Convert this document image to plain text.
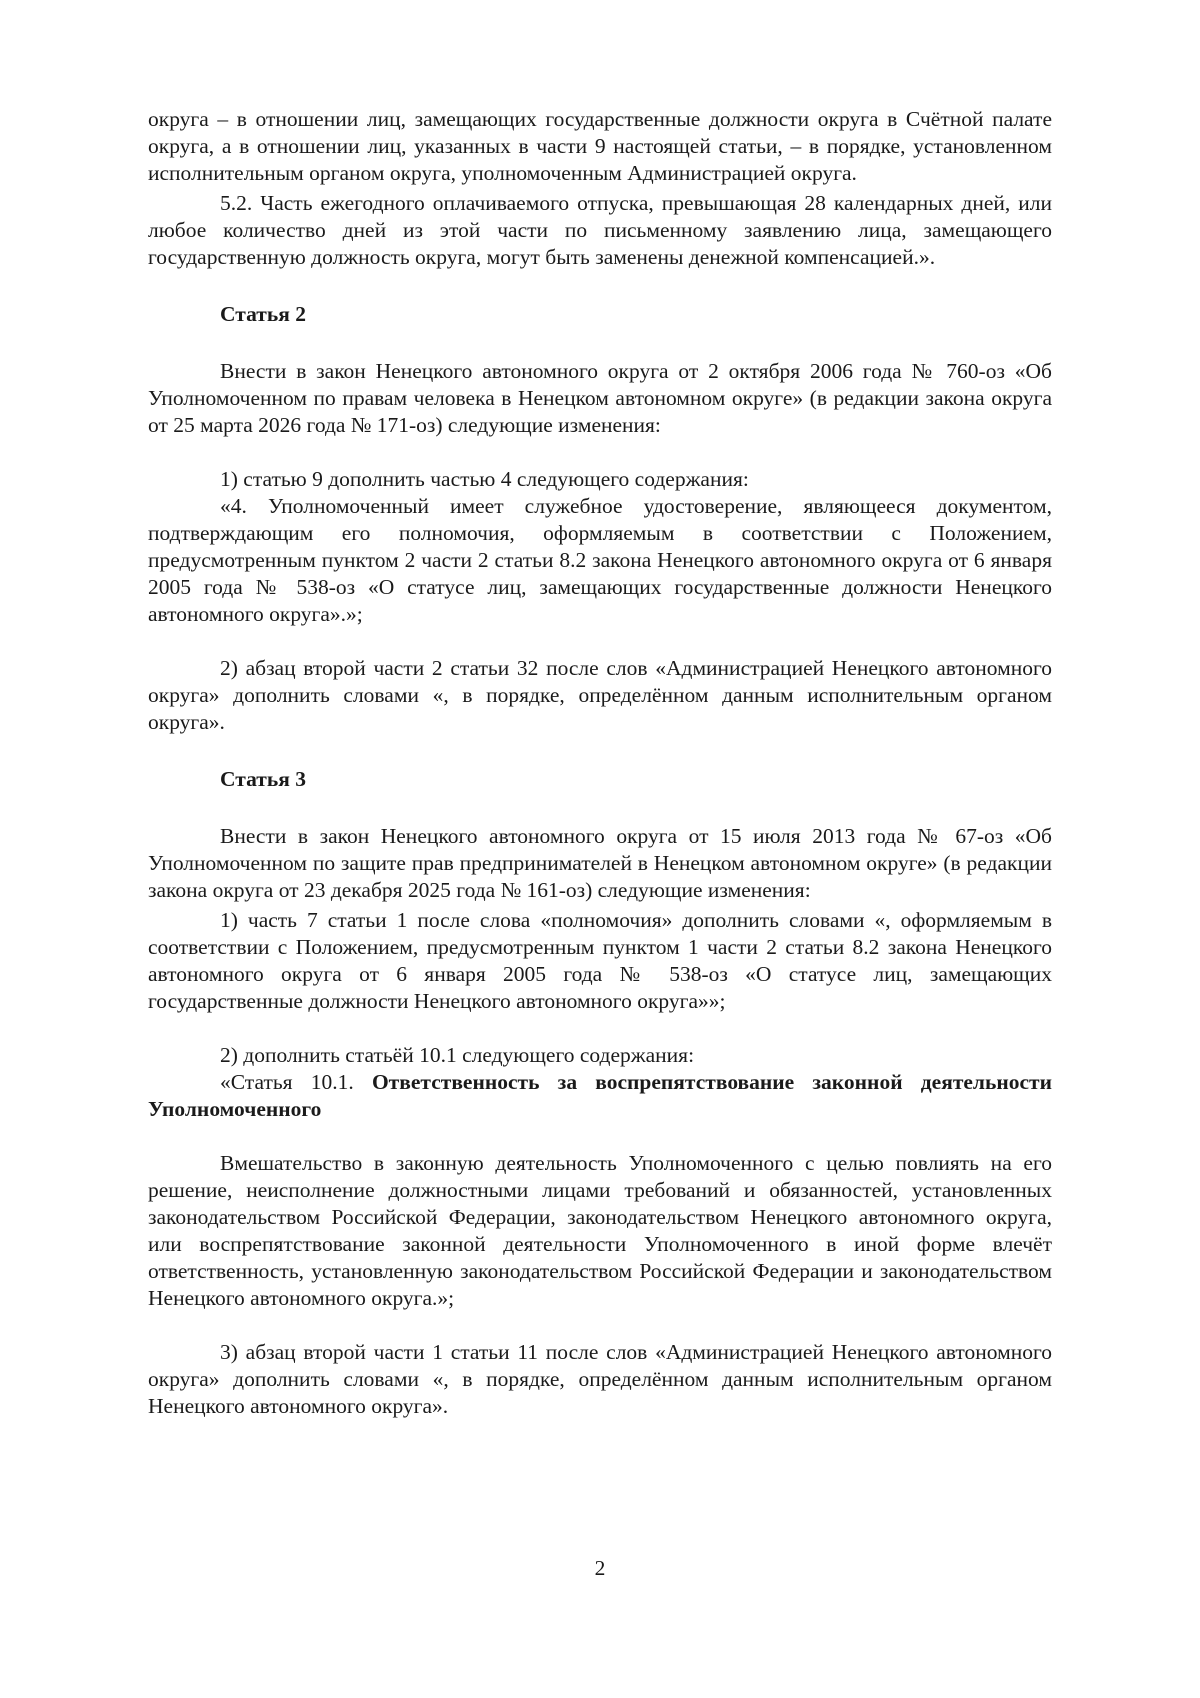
округа – в отношении лиц, замещающих государственные должности округа в Счётной палате округа, а в отношении лиц, указанных в части 9 настоящей статьи, – в порядке, установленном исполнительным органом округа, уполномоченным Администрацией округа.

5.2. Часть ежегодного оплачиваемого отпуска, превышающая 28 календарных дней, или любое количество дней из этой части по письменному заявлению лица, замещающего государственную должность округа, могут быть заменены денежной компенсацией.».

Статья 2

Внести в закон Ненецкого автономного округа от 2 октября 2006 года № 760-оз «Об Уполномоченном по правам человека в Ненецком автономном округе» (в редакции закона округа от 25 марта 2026 года № 171-оз) следующие изменения:

1) статью 9 дополнить частью 4 следующего содержания:

«4. Уполномоченный имеет служебное удостоверение, являющееся документом, подтверждающим его полномочия, оформляемым в соответствии с Положением, предусмотренным пунктом 2 части 2 статьи 8.2 закона Ненецкого автономного округа от 6 января 2005 года № 538-оз «О статусе лиц, замещающих государственные должности Ненецкого автономного округа».»;

2) абзац второй части 2 статьи 32 после слов «Администрацией Ненецкого автономного округа» дополнить словами «, в порядке, определённом данным исполнительным органом округа».

Статья 3

Внести в закон Ненецкого автономного округа от 15 июля 2013 года № 67-оз «Об Уполномоченном по защите прав предпринимателей в Ненецком автономном округе» (в редакции закона округа от 23 декабря 2025 года № 161-оз) следующие изменения:

1) часть 7 статьи 1 после слова «полномочия» дополнить словами «, оформляемым в соответствии с Положением, предусмотренным пунктом 1 части 2 статьи 8.2 закона Ненецкого автономного округа от 6 января 2005 года № 538-оз «О статусе лиц, замещающих государственные должности Ненецкого автономного округа»»;

2) дополнить статьёй 10.1 следующего содержания:

«Статья 10.1. Ответственность за воспрепятствование законной деятельности Уполномоченного

Вмешательство в законную деятельность Уполномоченного с целью повлиять на его решение, неисполнение должностными лицами требований и обязанностей, установленных законодательством Российской Федерации, законодательством Ненецкого автономного округа, или воспрепятствование законной деятельности Уполномоченного в иной форме влечёт ответственность, установленную законодательством Российской Федерации и законодательством Ненецкого автономного округа.»;

3) абзац второй части 1 статьи 11 после слов «Администрацией Ненецкого автономного округа» дополнить словами «, в порядке, определённом данным исполнительным органом Ненецкого автономного округа».

2
